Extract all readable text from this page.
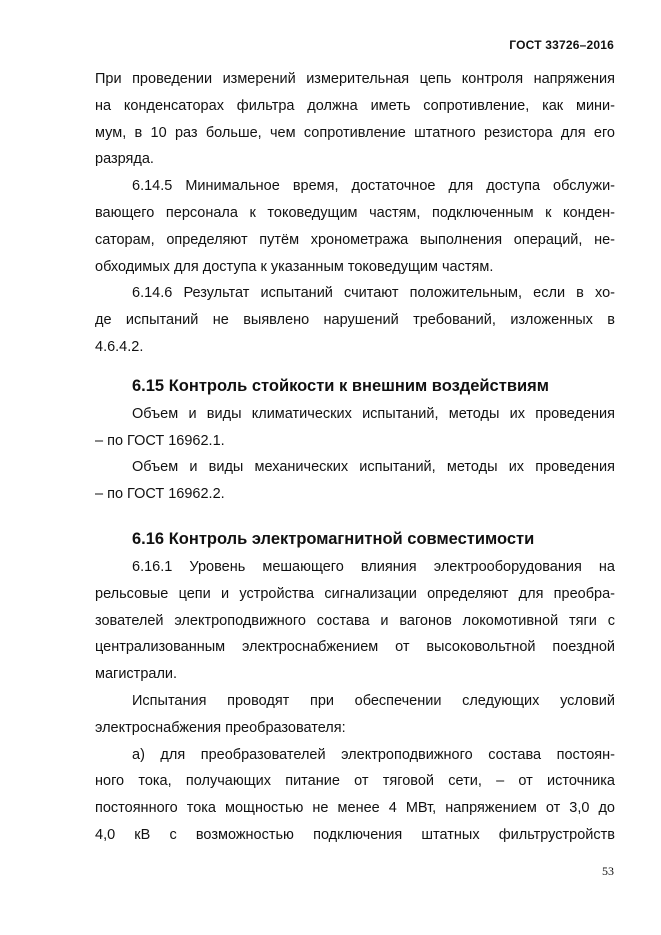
ГОСТ 33726–2016
При проведении измерений измерительная цепь контроля напряжения
на конденсаторах фильтра должна иметь сопротивление, как мини-
мум, в 10 раз больше, чем сопротивление штатного резистора для его
разряда.
6.14.5 Минимальное время, достаточное для доступа обслужи-
вающего персонала к токоведущим частям, подключенным к конден-
саторам, определяют путём хронометража выполнения операций, не-
обходимых для доступа к указанным токоведущим частям.
6.14.6 Результат испытаний считают положительным, если в хо-
де испытаний не выявлено нарушений требований, изложенных в
4.6.4.2.
6.15 Контроль стойкости к внешним воздействиям
Объем и виды климатических испытаний, методы их проведения
– по ГОСТ 16962.1.
Объем и виды механических испытаний, методы их проведения
– по ГОСТ 16962.2.
6.16 Контроль электромагнитной совместимости
6.16.1 Уровень мешающего влияния электрооборудования на
рельсовые цепи и устройства сигнализации определяют для преобра-
зователей электроподвижного состава и вагонов локомотивной тяги с
централизованным электроснабжением от высоковольтной поездной
магистрали.
Испытания проводят при обеспечении следующих условий
электроснабжения преобразователя:
а) для преобразователей электроподвижного состава постоян-
ного тока, получающих питание от тяговой сети, – от источника
постоянного тока мощностью не менее 4 МВт, напряжением от 3,0 до
4,0 кВ с возможностью подключения штатных фильтрустройств
53
